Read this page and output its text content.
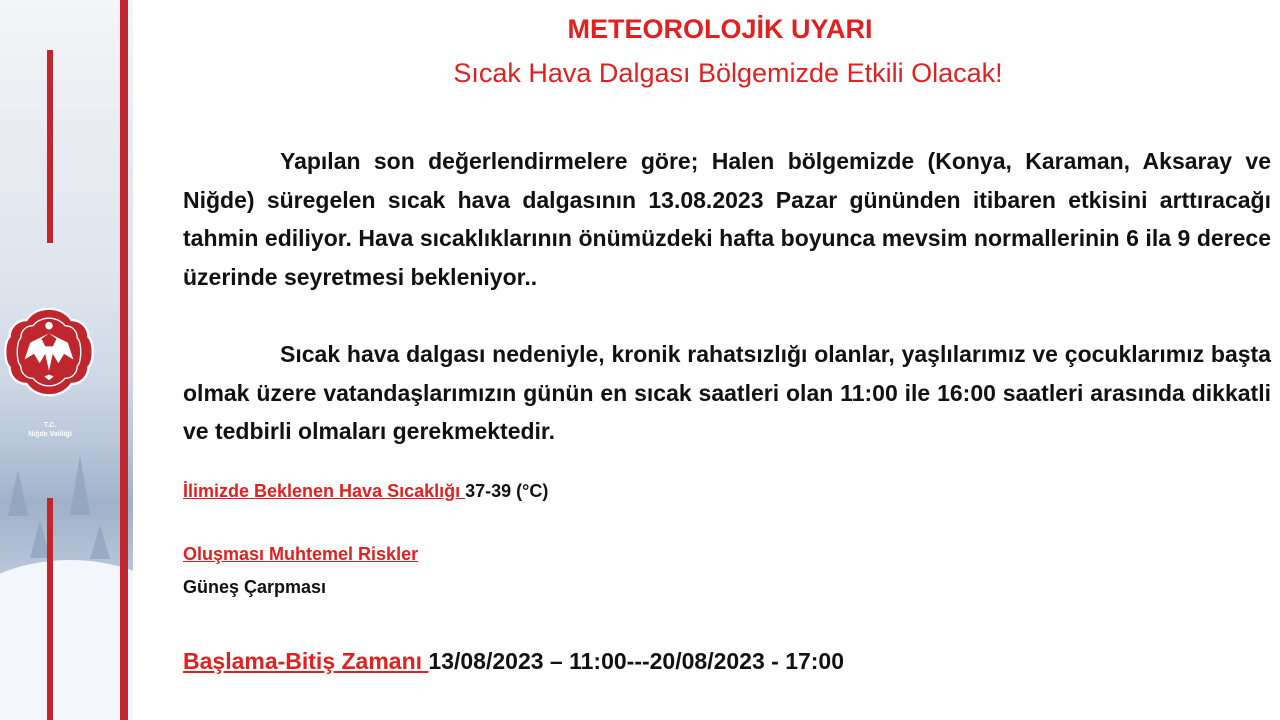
T.C.
Niğde Valiliği
METEOROLOJİK UYARI
Sıcak Hava Dalgası Bölgemizde Etkili Olacak!

Yapılan son değerlendirmelere göre; Halen bölgemizde (Konya, Karaman, Aksaray ve Niğde) süregelen sıcak hava dalgasının 13.08.2023 Pazar gününden itibaren etkisini arttıracağı tahmin ediliyor. Hava sıcaklıklarının önümüzdeki hafta boyunca mevsim normallerinin 6 ila 9 derece üzerinde seyretmesi bekleniyor..

Sıcak hava dalgası nedeniyle, kronik rahatsızlığı olanlar, yaşlılarımız ve çocuklarımız başta olmak üzere vatandaşlarımızın günün en sıcak saatleri olan 11:00 ile 16:00 saatleri arasında dikkatli ve tedbirli olmaları gerekmektedir.

İlimizde Beklenen Hava Sıcaklığı 37-39 (°C)
Oluşması Muhtemel Riskler
Güneş Çarpması
Başlama-Bitiş Zamanı 13/08/2023 – 11:00---20/08/2023 - 17:00
